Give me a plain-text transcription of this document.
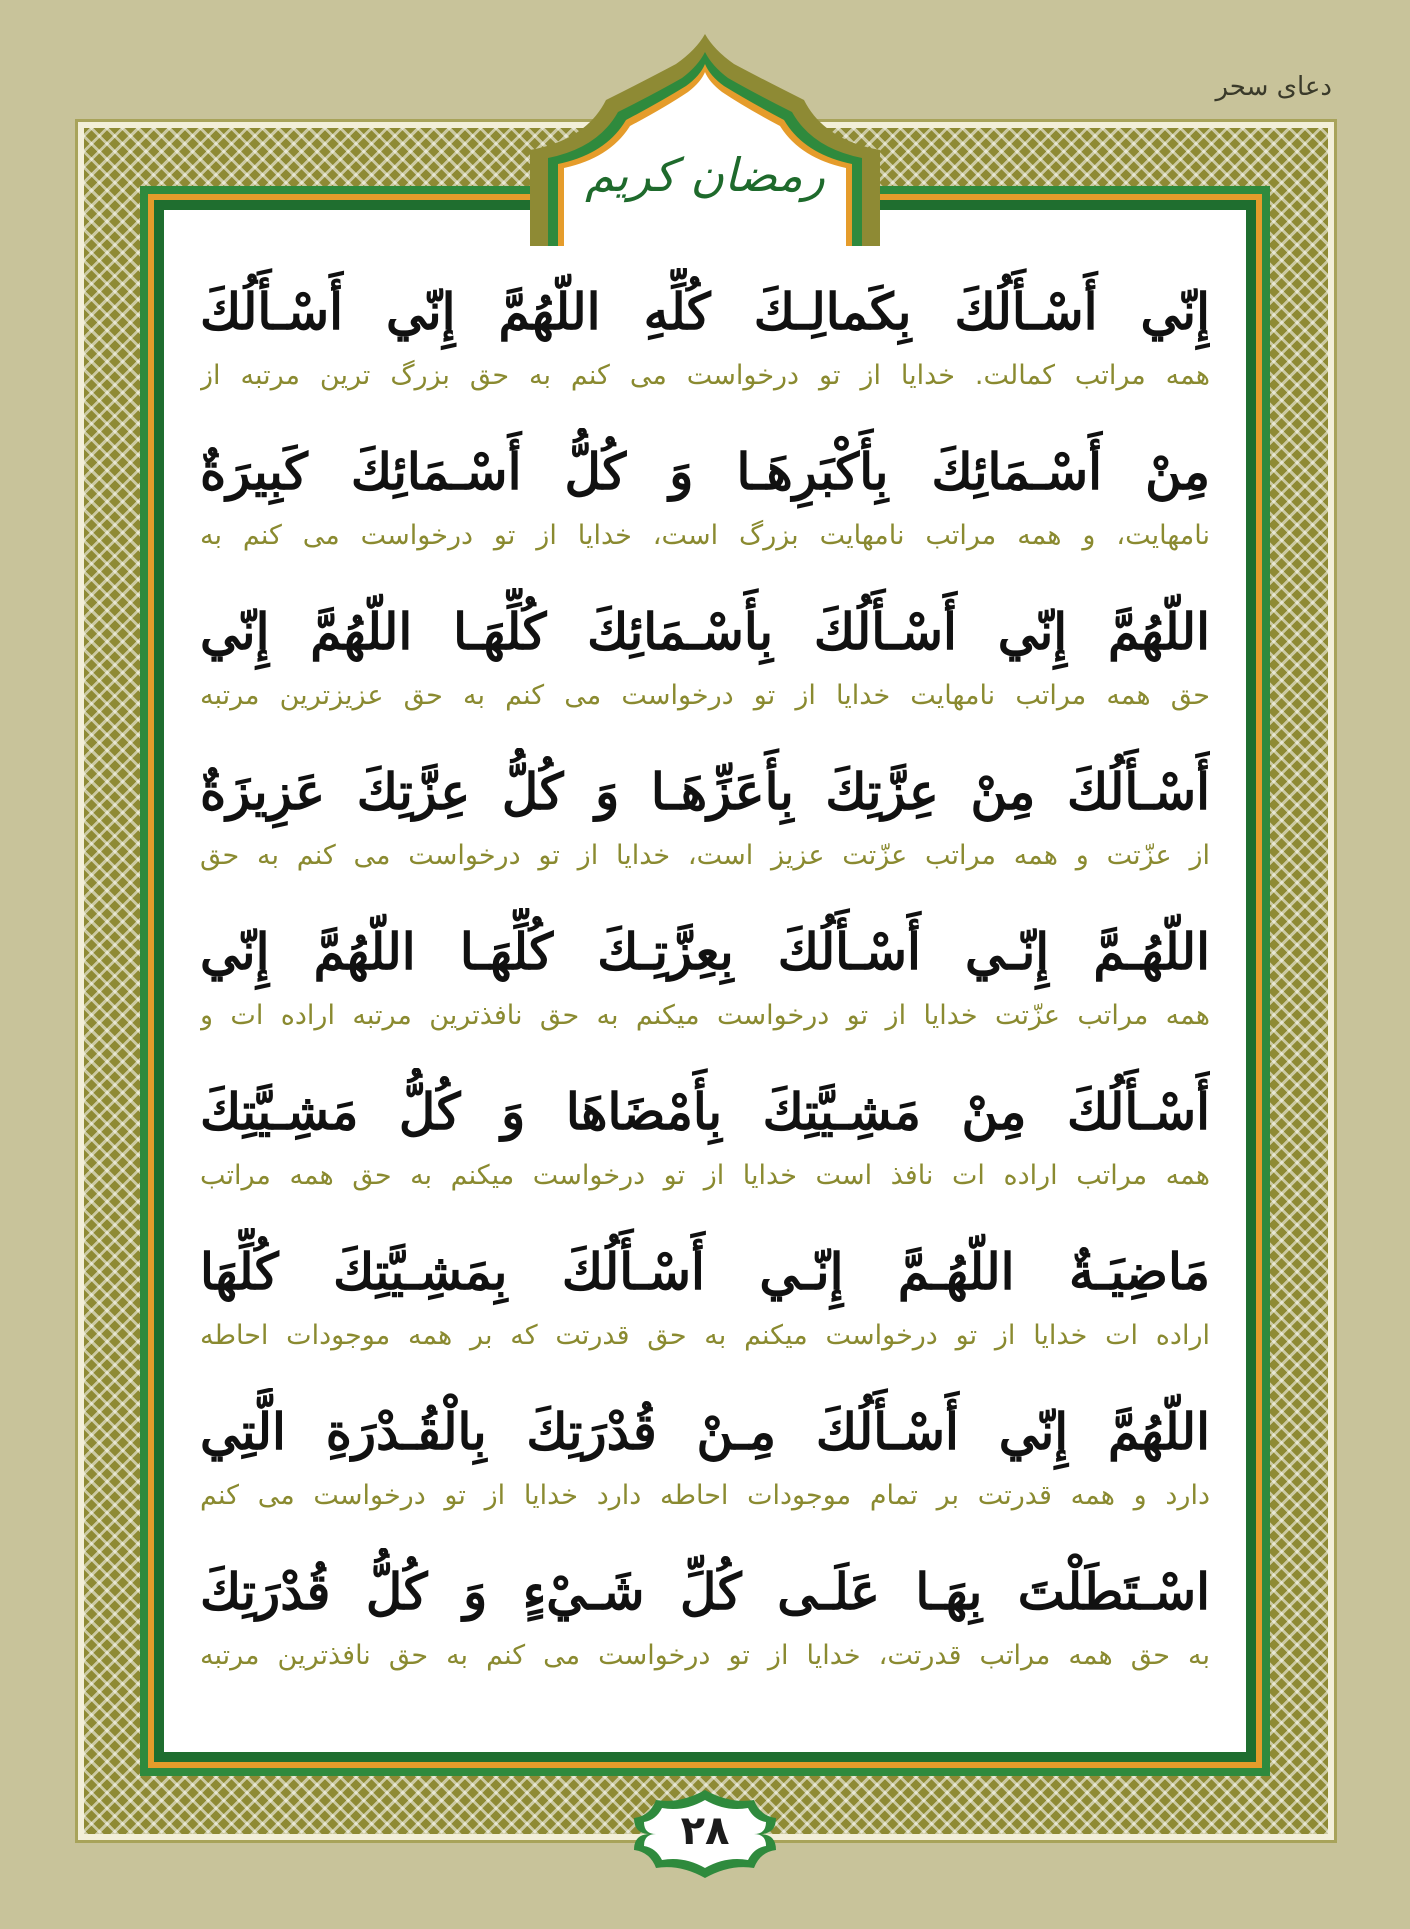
دعای سحر
رمضان کریم
إِنّي أَسْـأَلُكَ بِكَمالِـكَ كُلِّهِ اللّهُمَّ إِنّي أَسْـأَلُكَ
همه مراتب کمالت. خدایا از تو درخواست می کنم به حق بزرگ ترین مرتبه از
مِنْ أَسْـمَائِكَ بِأَكْبَرِهَـا وَ كُلُّ أَسْـمَائِكَ كَبِيرَةٌ
نامهایت، و همه مراتب نامهایت بزرگ است، خدایا از تو درخواست می کنم به
اللّهُمَّ إِنّي أَسْـأَلُكَ بِأَسْـمَائِكَ كُلِّهَـا اللّهُمَّ إِنّي
حق همه مراتب نامهایت خدایا از تو درخواست می کنم به حق عزیزترین مرتبه
أَسْـأَلُكَ مِنْ عِزَّتِكَ بِأَعَزِّهَـا وَ كُلُّ عِزَّتِكَ عَزِيزَةٌ
از عزّتت و همه مراتب عزّتت عزیز است، خدایا از تو درخواست می کنم به حق
اللّهُـمَّ إِنّـي أَسْـأَلُكَ بِعِزَّتِـكَ كُلِّهَـا اللّهُمَّ إِنّي
همه مراتب عزّتت خدایا از تو درخواست میکنم به حق نافذترین مرتبه اراده ات و
أَسْـأَلُكَ مِنْ مَشِـيَّتِكَ بِأَمْضَاهَا وَ كُلُّ مَشِـيَّتِكَ
همه مراتب اراده ات نافذ است خدایا از تو درخواست میکنم به حق همه مراتب
مَاضِيَـةٌ اللّهُـمَّ إِنّـي أَسْـأَلُكَ بِمَشِـيَّتِكَ كُلِّهَا
اراده ات خدایا از تو درخواست میکنم به حق قدرتت که بر همه موجودات احاطه
اللّهُمَّ إِنّي أَسْـأَلُكَ مِـنْ قُدْرَتِكَ بِالْقُـدْرَةِ الَّتِي
دارد و همه قدرتت بر تمام موجودات احاطه دارد خدایا از تو درخواست می کنم
اسْـتَطَلْتَ بِهَـا عَلَـى كُلِّ شَـيْءٍ وَ كُلُّ قُدْرَتِكَ
به حق همه مراتب قدرتت، خدایا از تو درخواست می کنم به حق نافذترین مرتبه
۲۸
